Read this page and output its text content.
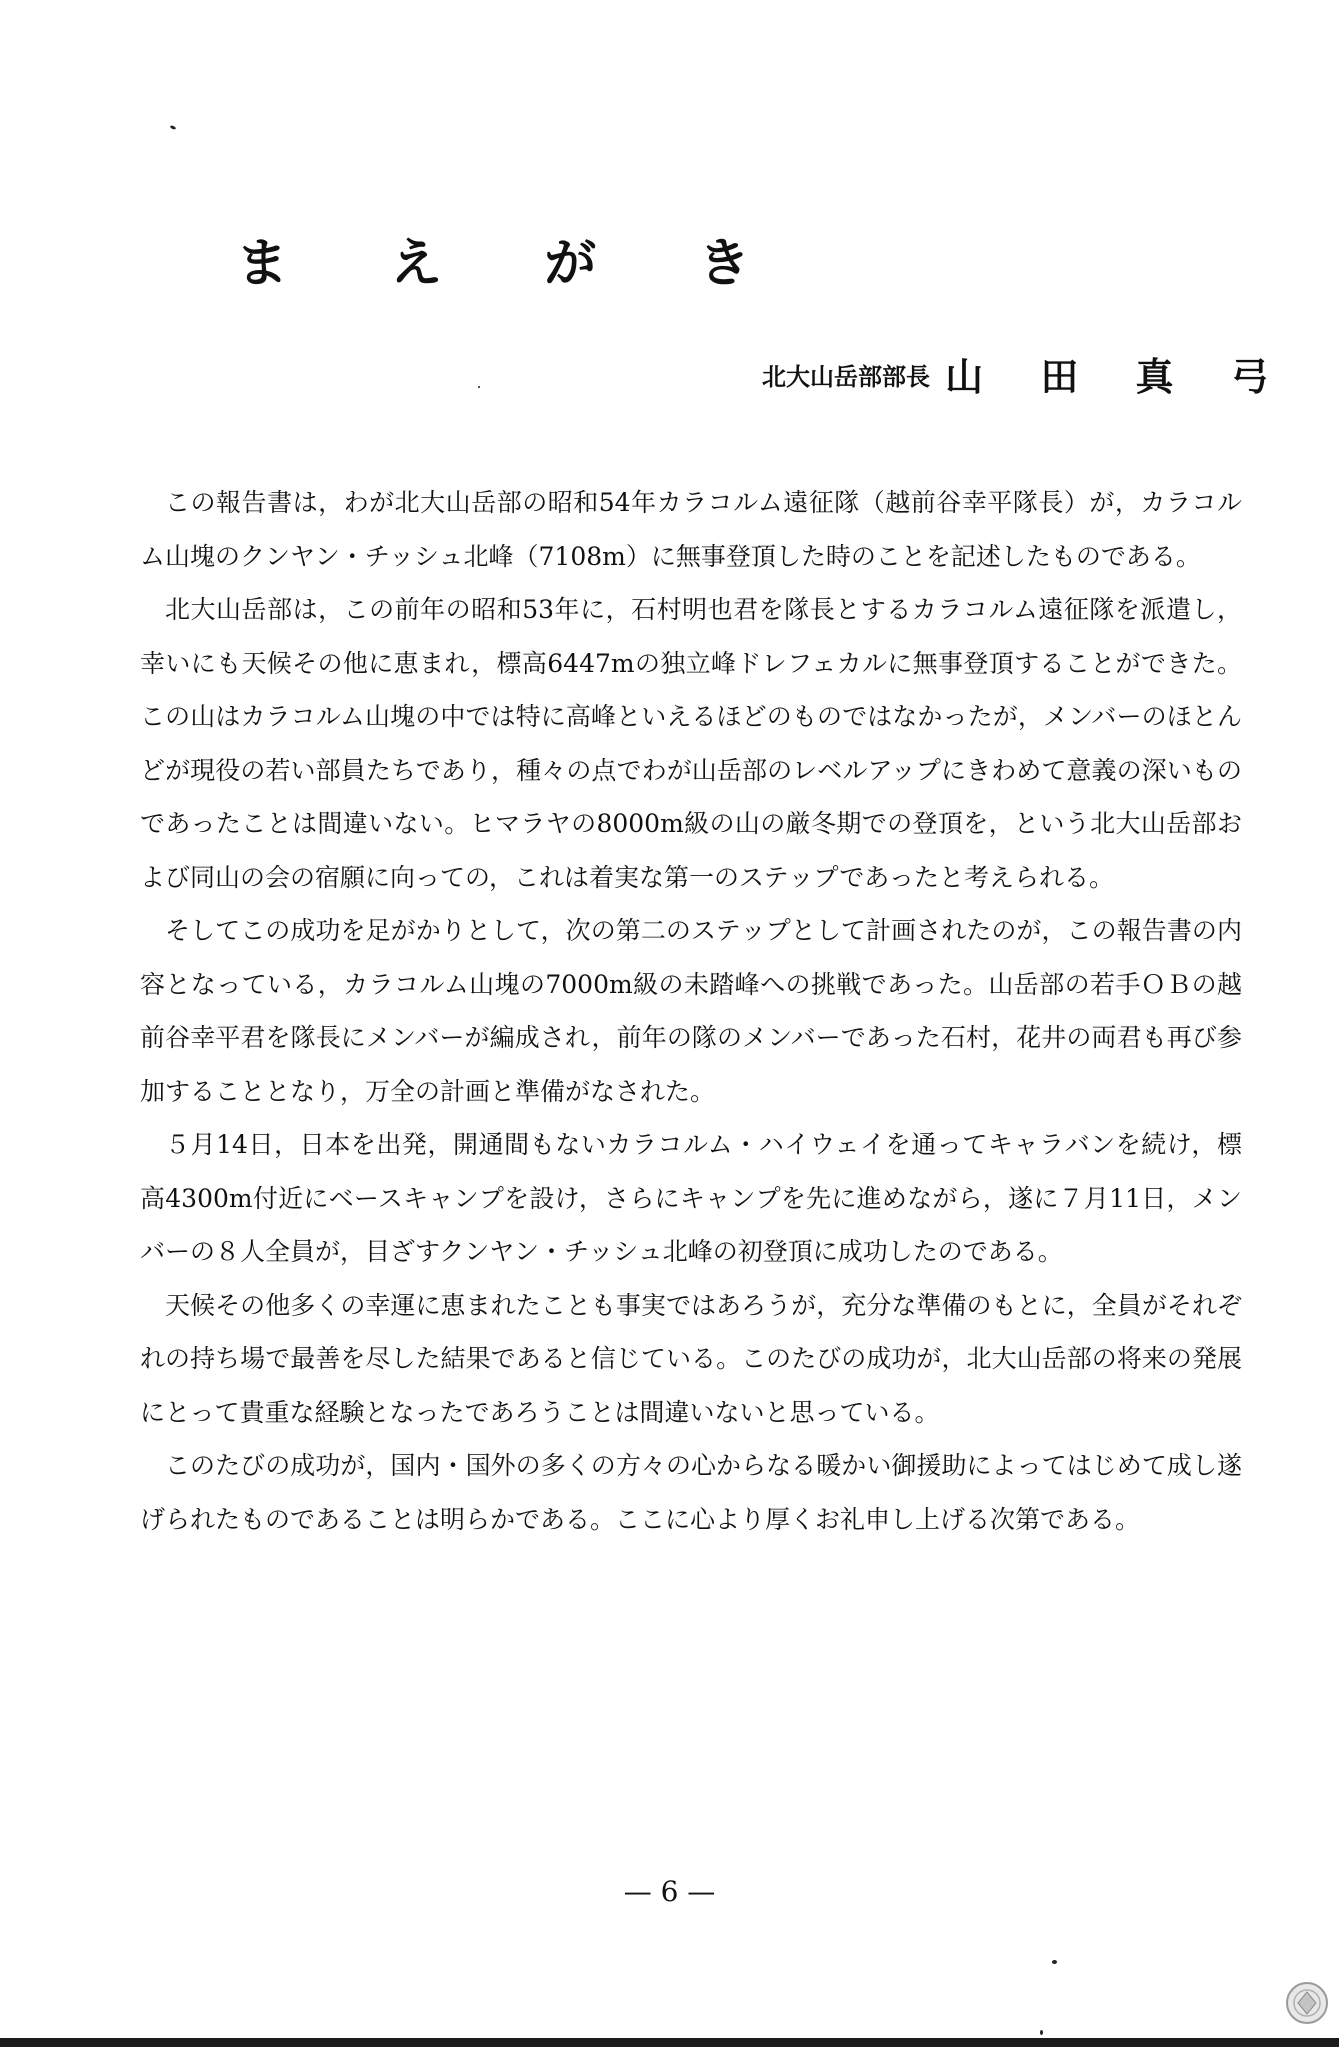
ま え が き
北大山岳部部長 山 田 真 弓

この報告書は，わが北大山岳部の昭和54年カラコルム遠征隊（越前谷幸平隊長）が，カラコルム山塊のクンヤン・チッシュ北峰（7108m）に無事登頂した時のことを記述したものである。

北大山岳部は，この前年の昭和53年に，石村明也君を隊長とするカラコルム遠征隊を派遣し，幸いにも天候その他に恵まれ，標高6447mの独立峰ドレフェカルに無事登頂することができた。この山はカラコルム山塊の中では特に高峰といえるほどのものではなかったが，メンバーのほとんどが現役の若い部員たちであり，種々の点でわが山岳部のレベルアップにきわめて意義の深いものであったことは間違いない。ヒマラヤの8000m級の山の厳冬期での登頂を，という北大山岳部および同山の会の宿願に向っての，これは着実な第一のステップであったと考えられる。

そしてこの成功を足がかりとして，次の第二のステップとして計画されたのが，この報告書の内容となっている，カラコルム山塊の7000m級の未踏峰への挑戦であった。山岳部の若手ＯＢの越前谷幸平君を隊長にメンバーが編成され，前年の隊のメンバーであった石村，花井の両君も再び参加することとなり，万全の計画と準備がなされた。

５月14日，日本を出発，開通間もないカラコルム・ハイウェイを通ってキャラバンを続け，標高4300m付近にベースキャンプを設け，さらにキャンプを先に進めながら，遂に７月11日，メンバーの８人全員が，目ざすクンヤン・チッシュ北峰の初登頂に成功したのである。

天候その他多くの幸運に恵まれたことも事実ではあろうが，充分な準備のもとに，全員がそれぞれの持ち場で最善を尽した結果であると信じている。このたびの成功が，北大山岳部の将来の発展にとって貴重な経験となったであろうことは間違いないと思っている。

このたびの成功が，国内・国外の多くの方々の心からなる暖かい御援助によってはじめて成し遂げられたものであることは明らかである。ここに心より厚くお礼申し上げる次第である。

— 6 —
